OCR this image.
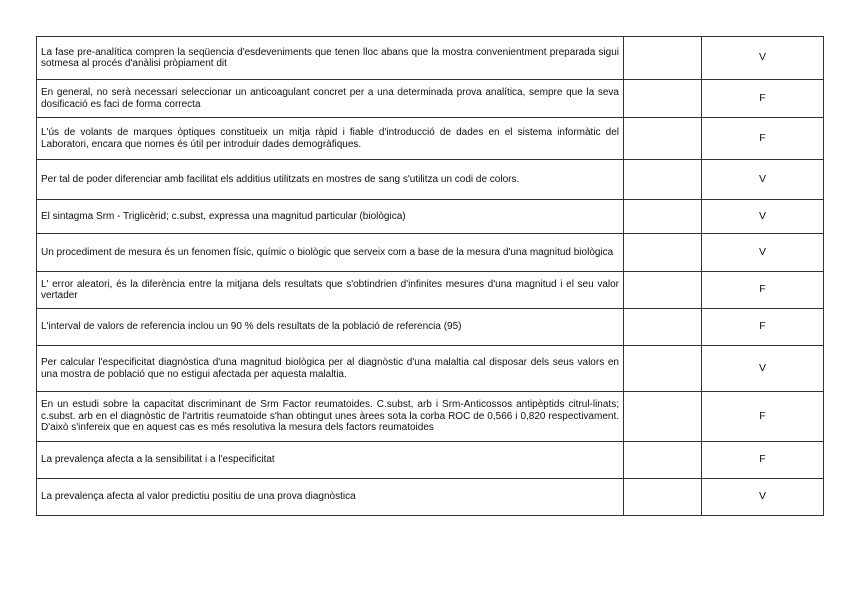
La fase pre-analítica compren la seqüencia d'esdeveniments que tenen lloc abans que la mostra convenientment preparada sigui sotmesa al procés d'anàlisi pròpiament dit		V
En general, no serà necessari seleccionar un anticoagulant concret per a una determinada prova analítica, sempre que la seva dosificació es faci de forma correcta		F
L'ús de volants de marques òptiques constitueix un mitja ràpid i fiable d'introducció de dades en el sistema informàtic del Laboratori, encara que nomes és útil per introduir dades demogràfiques.		F
Per tal de poder diferenciar amb facilitat els additius utilitzats en mostres de sang s'utilitza un codi de colors.		V
El sintagma Srm - Triglicèrid; c.subst, expressa una magnitud particular (biològica)		V
Un procediment de mesura és un fenomen físic, químic o biològic que serveix com a base de la mesura d'una magnitud biològica		V
L' error aleatori, és la diferència entre la mitjana dels resultats que s'obtindrien d'infinites mesures d'una magnitud i el seu valor vertader		F
L'interval de valors de referencia inclou un 90 % dels resultats de la població de referencia (95)		F
Per calcular l'especificitat diagnòstica d'una magnitud biològica per al diagnòstic d'una malaltia cal disposar dels seus valors en una mostra de població que no estigui afectada per aquesta malaltia.		V
En un estudi sobre la capacitat discriminant de Srm Factor reumatoides. C.subst, arb i Srm-Anticossos antipèptids citrul-linats; c.subst. arb en el diagnòstic de l'artritis reumatoide s'han obtingut unes àrees sota la corba ROC de 0,566 i 0,820 respectivament. D'això s'infereix que en aquest cas es més resolutiva la mesura dels factors reumatoides		F
La prevalença afecta a la sensibilitat i a l'especificitat		F
La prevalença afecta al valor predictiu positiu de una prova diagnòstica		V
